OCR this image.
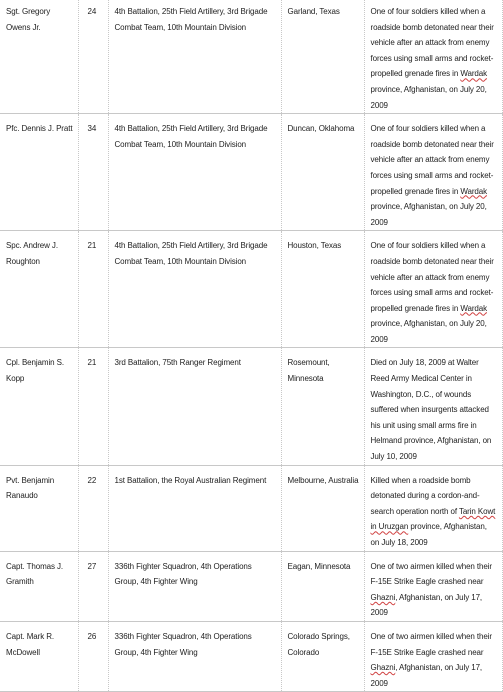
Sgt. Gregory Owens Jr.	24	4th Battalion, 25th Field Artillery, 3rd Brigade Combat Team, 10th Mountain Division	Garland, Texas	One of four soldiers killed when a roadside bomb detonated near their vehicle after an attack from enemy forces using small arms and rocket-propelled grenade fires in Wardak province, Afghanistan, on July 20, 2009
Pfc. Dennis J. Pratt	34	4th Battalion, 25th Field Artillery, 3rd Brigade Combat Team, 10th Mountain Division	Duncan, Oklahoma	One of four soldiers killed when a roadside bomb detonated near their vehicle after an attack from enemy forces using small arms and rocket-propelled grenade fires in Wardak province, Afghanistan, on July 20, 2009
Spc. Andrew J. Roughton	21	4th Battalion, 25th Field Artillery, 3rd Brigade Combat Team, 10th Mountain Division	Houston, Texas	One of four soldiers killed when a roadside bomb detonated near their vehicle after an attack from enemy forces using small arms and rocket-propelled grenade fires in Wardak province, Afghanistan, on July 20, 2009
Cpl. Benjamin S. Kopp	21	3rd Battalion, 75th Ranger Regiment	Rosemount, Minnesota	Died on July 18, 2009 at Walter Reed Army Medical Center in Washington, D.C., of wounds suffered when insurgents attacked his unit using small arms fire in Helmand province, Afghanistan, on July 10, 2009
Pvt. Benjamin Ranaudo	22	1st Battalion, the Royal Australian Regiment	Melbourne, Australia	Killed when a roadside bomb detonated during a cordon-and-search operation north of Tarin Kowt in Uruzgan province, Afghanistan, on July 18, 2009
Capt. Thomas J. Gramith	27	336th Fighter Squadron, 4th Operations Group, 4th Fighter Wing	Eagan, Minnesota	One of two airmen killed when their F-15E Strike Eagle crashed near Ghazni, Afghanistan, on July 17, 2009
Capt. Mark R. McDowell	26	336th Fighter Squadron, 4th Operations Group, 4th Fighter Wing	Colorado Springs, Colorado	One of two airmen killed when their F-15E Strike Eagle crashed near Ghazni, Afghanistan, on July 17, 2009
